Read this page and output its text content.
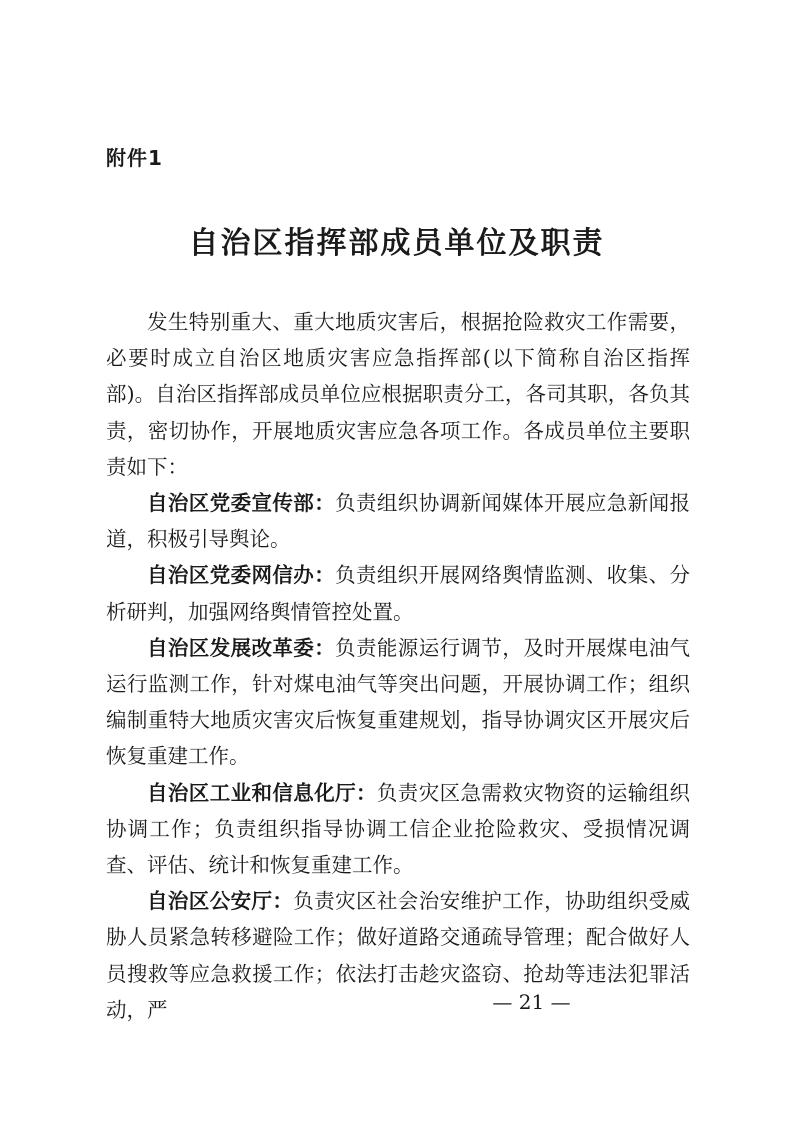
附件1
自治区指挥部成员单位及职责

发生特别重大、重大地质灾害后，根据抢险救灾工作需要，必要时成立自治区地质灾害应急指挥部(以下简称自治区指挥部)。自治区指挥部成员单位应根据职责分工，各司其职，各负其责，密切协作，开展地质灾害应急各项工作。各成员单位主要职责如下：

自治区党委宣传部：负责组织协调新闻媒体开展应急新闻报道，积极引导舆论。

自治区党委网信办：负责组织开展网络舆情监测、收集、分析研判，加强网络舆情管控处置。

自治区发展改革委：负责能源运行调节，及时开展煤电油气运行监测工作，针对煤电油气等突出问题，开展协调工作；组织编制重特大地质灾害灾后恢复重建规划，指导协调灾区开展灾后恢复重建工作。

自治区工业和信息化厅：负责灾区急需救灾物资的运输组织协调工作；负责组织指导协调工信企业抢险救灾、受损情况调查、评估、统计和恢复重建工作。

自治区公安厅：负责灾区社会治安维护工作，协助组织受威胁人员紧急转移避险工作；做好道路交通疏导管理；配合做好人员搜救等应急救援工作；依法打击趁灾盗窃、抢劫等违法犯罪活动，严	— 21 —
